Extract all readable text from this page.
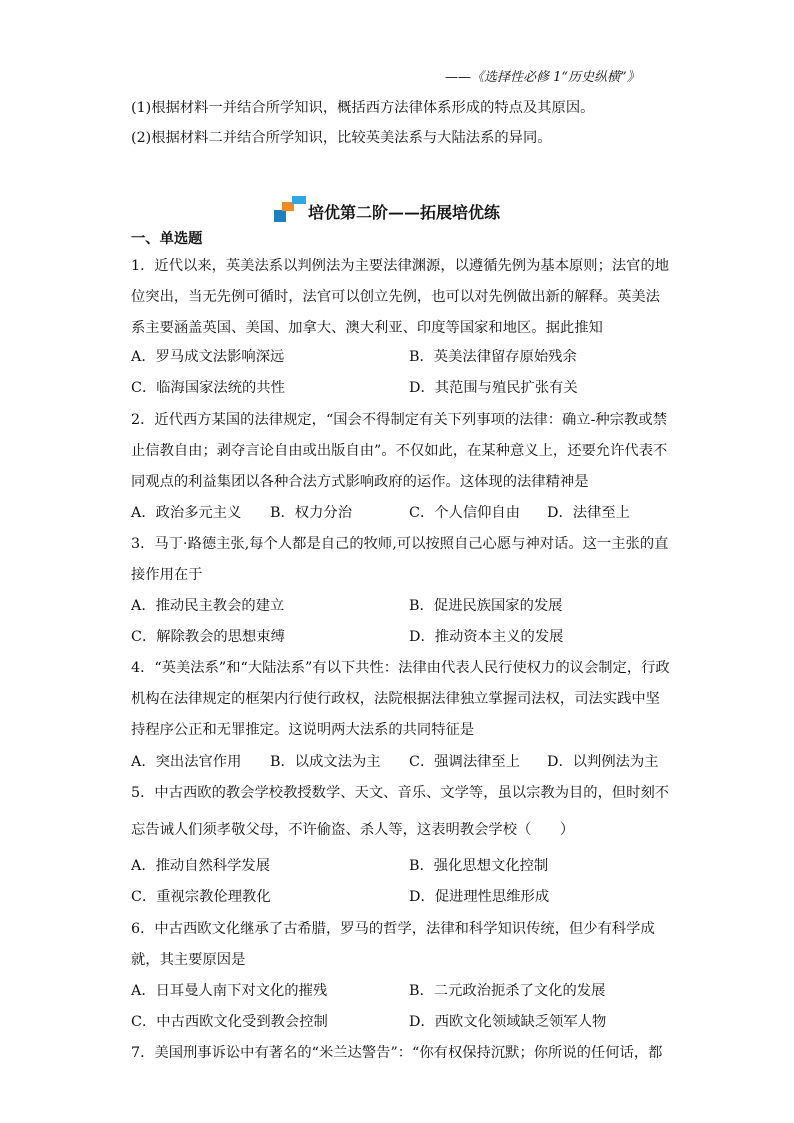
——《选择性必修 1“历史纵横”》
(1)根据材料一并结合所学知识，概括西方法律体系形成的特点及其原因。
(2)根据材料二并结合所学知识，比较英美法系与大陆法系的异同。
培优第二阶——拓展培优练
一、单选题
1．近代以来，英美法系以判例法为主要法律渊源，以遵循先例为基本原则；法官的地
位突出，当无先例可循时，法官可以创立先例，也可以对先例做出新的解释。英美法
系主要涵盖英国、美国、加拿大、澳大利亚、印度等国家和地区。据此推知
A．罗马成文法影响深远	B．英美法律留存原始残余
C．临海国家法统的共性	D．其范围与殖民扩张有关
2．近代西方某国的法律规定，“国会不得制定有关下列事项的法律：确立-种宗教或禁
止信教自由；剥夺言论自由或出版自由”。不仅如此，在某种意义上，还要允许代表不
同观点的利益集团以各种合法方式影响政府的运作。这体现的法律精神是
A．政治多元主义 B．权力分治	C．个人信仰自由 D．法律至上
3．马丁·路德主张,每个人都是自己的牧师,可以按照自己心愿与神对话。这一主张的直
接作用在于
A．推动民主教会的建立	B．促进民族国家的发展
C．解除教会的思想束缚	D．推动资本主义的发展
4．“英美法系”和“大陆法系”有以下共性：法律由代表人民行使权力的议会制定，行政
机构在法律规定的框架内行使行政权，法院根据法律独立掌握司法权，司法实践中坚
持程序公正和无罪推定。这说明两大法系的共同特征是
A．突出法官作用 B．以成文法为主 C．强调法律至上 D．以判例法为主
5．中古西欧的教会学校教授数学、天文、音乐、文学等，虽以宗教为目的，但时刻不
忘告诫人们须孝敬父母，不许偷盗、杀人等，这表明教会学校（　　）
A．推动自然科学发展	B．强化思想文化控制
C．重视宗教伦理教化	D．促进理性思维形成
6．中古西欧文化继承了古希腊，罗马的哲学，法律和科学知识传统，但少有科学成
就，其主要原因是
A．日耳曼人南下对文化的摧残	B．二元政治扼杀了文化的发展
C．中古西欧文化受到教会控制	D．西欧文化领域缺乏领军人物
7．美国刑事诉讼中有著名的“米兰达警告”：“你有权保持沉默；你所说的任何话，都
